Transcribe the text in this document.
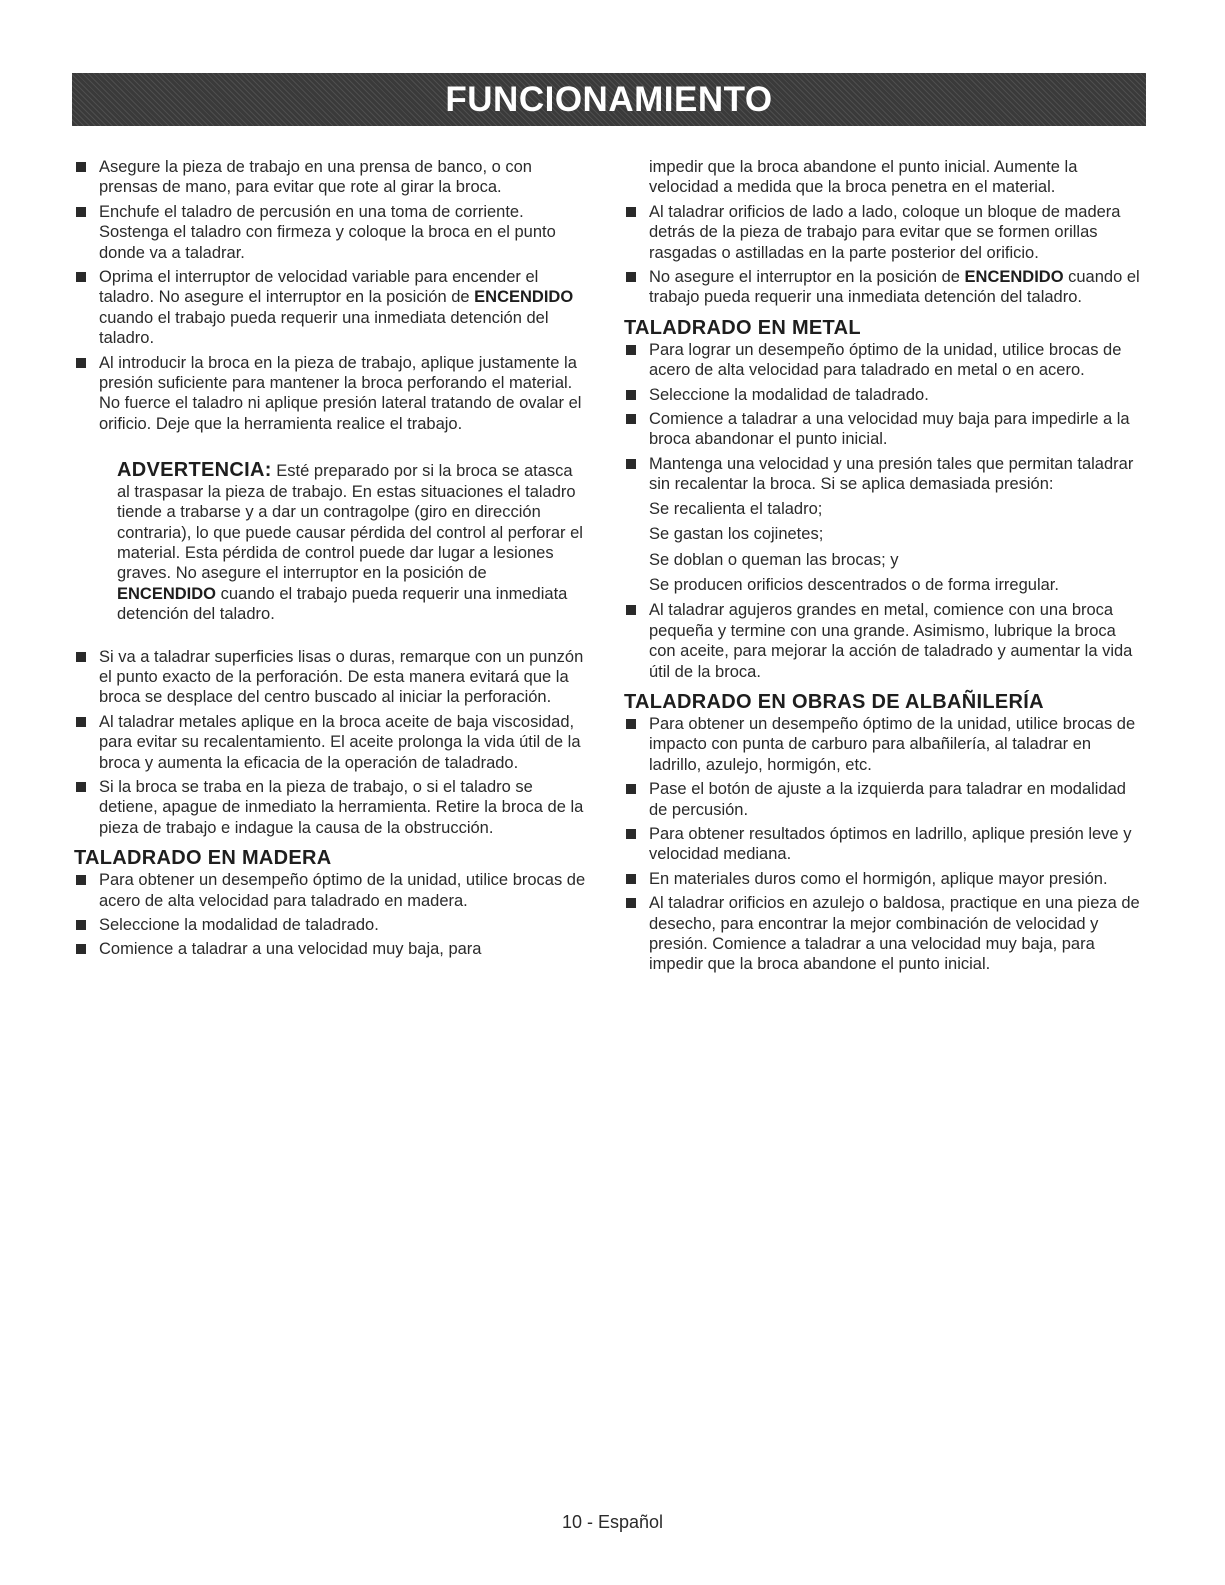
FUNCIONAMIENTO
Asegure la pieza de trabajo en una prensa de banco, o con prensas de mano, para evitar que rote al girar la broca.
Enchufe el taladro de percusión en una toma de corriente. Sostenga el taladro con firmeza y coloque la broca en el punto donde va a taladrar.
Oprima el interruptor de velocidad variable para encender el taladro. No asegure el interruptor en la posición de ENCENDIDO cuando el trabajo pueda requerir una inmediata detención del taladro.
Al introducir la broca en la pieza de trabajo, aplique justamente la presión suficiente para mantener la broca perforando el material. No fuerce el taladro ni aplique presión lateral tratando de ovalar el orificio. Deje que la herramienta realice el trabajo.
ADVERTENCIA: Esté preparado por si la broca se atasca al traspasar la pieza de trabajo. En estas situaciones el taladro tiende a trabarse y a dar un contragolpe (giro en dirección contraria), lo que puede causar pérdida del control al perforar el material. Esta pérdida de control puede dar lugar a lesiones graves. No asegure el interruptor en la posición de ENCENDIDO cuando el trabajo pueda requerir una inmediata detención del taladro.
Si va a taladrar superficies lisas o duras, remarque con un punzón el punto exacto de la perforación. De esta manera evitará que la broca se desplace del centro buscado al iniciar la perforación.
Al taladrar metales aplique en la broca aceite de baja viscosidad, para evitar su recalentamiento. El aceite prolonga la vida útil de la broca y aumenta la eficacia de la operación de taladrado.
Si la broca se traba en la pieza de trabajo, o si el taladro se detiene, apague de inmediato la herramienta. Retire la broca de la pieza de trabajo e indague la causa de la obstrucción.
TALADRADO EN MADERA
Para obtener un desempeño óptimo de la unidad, utilice brocas de acero de alta velocidad para taladrado en madera.
Seleccione la modalidad de taladrado.
Comience a taladrar a una velocidad muy baja, para
impedir que la broca abandone el punto inicial. Aumente la velocidad a medida que la broca penetra en el material.
Al taladrar orificios de lado a lado, coloque un bloque de madera detrás de la pieza de trabajo para evitar que se formen orillas rasgadas o astilladas en la parte posterior del orificio.
No asegure el interruptor en la posición de ENCENDIDO cuando el trabajo pueda requerir una inmediata detención del taladro.
TALADRADO EN METAL
Para lograr un desempeño óptimo de la unidad, utilice brocas de acero de alta velocidad para taladrado en metal o en acero.
Seleccione la modalidad de taladrado.
Comience a taladrar a una velocidad muy baja para impedirle a la broca abandonar el punto inicial.
Mantenga una velocidad y una presión tales que permitan taladrar sin recalentar la broca. Si se aplica demasiada presión:
Se recalienta el taladro;
Se gastan los cojinetes;
Se doblan o queman las brocas; y
Se producen orificios descentrados o de forma irregular.
Al taladrar agujeros grandes en metal, comience con una broca pequeña y termine con una grande. Asimismo, lubrique la broca con aceite, para mejorar la acción de taladrado y aumentar la vida útil de la broca.
TALADRADO EN OBRAS DE ALBAÑILERÍA
Para obtener un desempeño óptimo de la unidad, utilice brocas de impacto con punta de carburo para albañilería, al taladrar en ladrillo, azulejo, hormigón, etc.
Pase el botón de ajuste a la izquierda para taladrar en modalidad de percusión.
Para obtener resultados óptimos en ladrillo, aplique presión leve y velocidad mediana.
En materiales duros como el hormigón, aplique mayor presión.
Al taladrar orificios en azulejo o baldosa, practique en una pieza de desecho, para encontrar la mejor combinación de velocidad y presión. Comience a taladrar a una velocidad muy baja, para impedir que la broca abandone el punto inicial.
10 - Español
